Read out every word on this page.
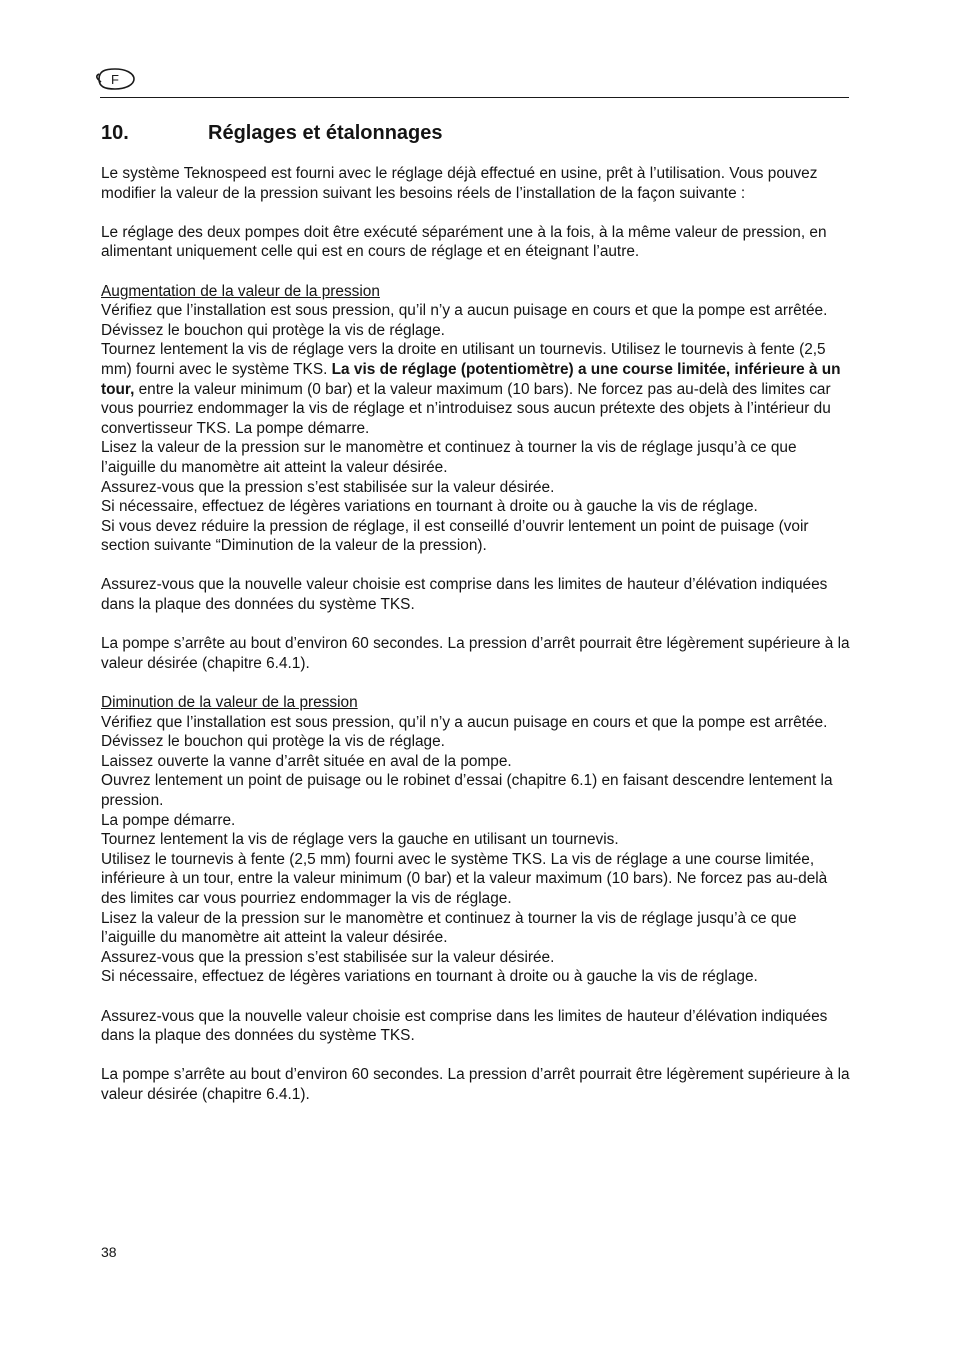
F
10.	Réglages et étalonnages

Le système Teknospeed est fourni avec le réglage déjà effectué en usine, prêt à l’utilisation. Vous pouvez modifier la valeur de la pression suivant les besoins réels de l’installation de la façon suivante :

Le réglage des deux pompes doit être exécuté séparément une à la fois, à la même valeur de pression, en alimentant uniquement celle qui est en cours de réglage et en éteignant l’autre.

Augmentation de la valeur de la pression

Vérifiez que l’installation est sous pression, qu’il n’y a aucun puisage en cours et que la pompe est arrêtée. Dévissez le bouchon qui protège la vis de réglage.

Tournez lentement la vis de réglage vers la droite en utilisant un tournevis. Utilisez le tournevis à fente (2,5 mm) fourni avec le système TKS. La vis de réglage (potentiomètre) a une course limitée, inférieure à un tour, entre la valeur minimum (0 bar) et la valeur maximum (10 bars). Ne forcez pas au-delà des limites car vous pourriez endommager la vis de réglage et n’introduisez sous aucun prétexte des objets à l’intérieur du convertisseur TKS. La pompe démarre.

Lisez la valeur de la pression sur le manomètre et continuez à tourner la vis de réglage jusqu’à ce que l’aiguille du manomètre ait atteint la valeur désirée.

Assurez-vous que la pression s’est stabilisée sur la valeur désirée.

Si nécessaire, effectuez de légères variations en tournant à droite ou à gauche la vis de réglage.

Si vous devez réduire la pression de réglage, il est conseillé d’ouvrir lentement un point de puisage (voir section suivante “Diminution de la valeur de la pression).

Assurez-vous que la nouvelle valeur choisie est comprise dans les limites de hauteur d’élévation indiquées dans la plaque des données du système TKS.

La pompe s’arrête au bout d’environ 60 secondes. La pression d’arrêt pourrait être légèrement supérieure à la valeur désirée (chapitre 6.4.1).

Diminution de la valeur de la pression

Vérifiez que l’installation est sous pression, qu’il n’y a aucun puisage en cours et que la pompe est arrêtée.

Dévissez le bouchon qui protège la vis de réglage.

Laissez ouverte la vanne d’arrêt située en aval de la pompe.

Ouvrez lentement un point de puisage ou le robinet d’essai (chapitre 6.1) en faisant descendre lentement la pression.

La pompe démarre.

Tournez lentement la vis de réglage vers la gauche en utilisant un tournevis.

Utilisez le tournevis à fente (2,5 mm) fourni avec le système TKS. La vis de réglage a une course limitée, inférieure à un tour, entre la valeur minimum (0 bar) et la valeur maximum (10 bars). Ne forcez pas au-delà des limites car vous pourriez endommager la vis de réglage.

Lisez la valeur de la pression sur le manomètre et continuez à tourner la vis de réglage jusqu’à ce que l’aiguille du manomètre ait atteint la valeur désirée.

Assurez-vous que la pression s’est stabilisée sur la valeur désirée.

Si nécessaire, effectuez de légères variations en tournant à droite ou à gauche la vis de réglage.

Assurez-vous que la nouvelle valeur choisie est comprise dans les limites de hauteur d’élévation indiquées dans la plaque des données du système TKS.

La pompe s’arrête au bout d’environ 60 secondes. La pression d’arrêt pourrait être légèrement supérieure à la valeur désirée (chapitre 6.4.1).

38
